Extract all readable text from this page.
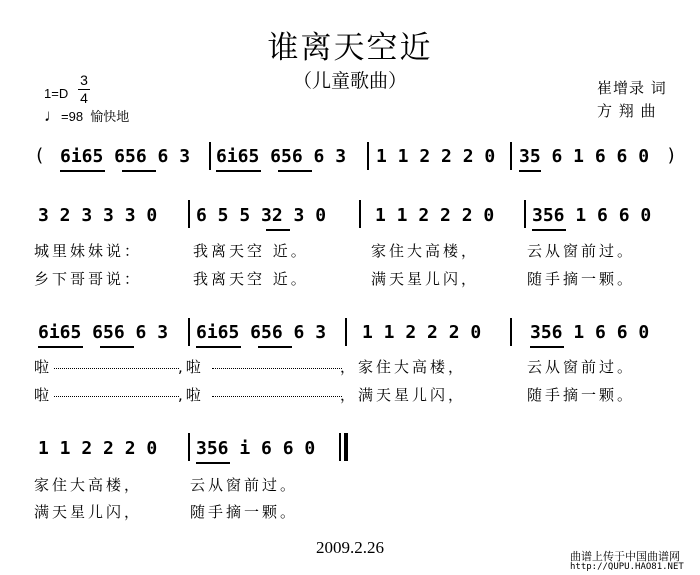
谁离天空近
（儿童歌曲）
1=D
3
4
♩=98 愉快地
崔增录 词
方 翔 曲
( 6i65 656 6 3 6i65 656 6 3 1 1 2 2 2 0 35 6 1 6 6 0 )
3 2 3 3 3 0 6 5 5 32 3 0	1 1 2 2 2 0 356 1 6 6 0
城里妹妹说：	我离天空 近。	家住大高楼，	云从窗前过。
乡下哥哥说：	我离天空 近。	满天星儿闪，	随手摘一颗。
6i65 656 6 3 6i65 656 6 3 1 1 2 2 2 0	356 1 6 6 0
啦	,啦	，家住大高楼，	云从窗前过。
啦	,啦	，满天星儿闪，	随手摘一颗。
1 1 2 2 2 0 356 i 6 6 0
家住大高楼，	云从窗前过。
满天星儿闪，	随手摘一颗。
2009.2.26	曲谱上传于中国曲谱网
http://QUPU.HAO81.NET
